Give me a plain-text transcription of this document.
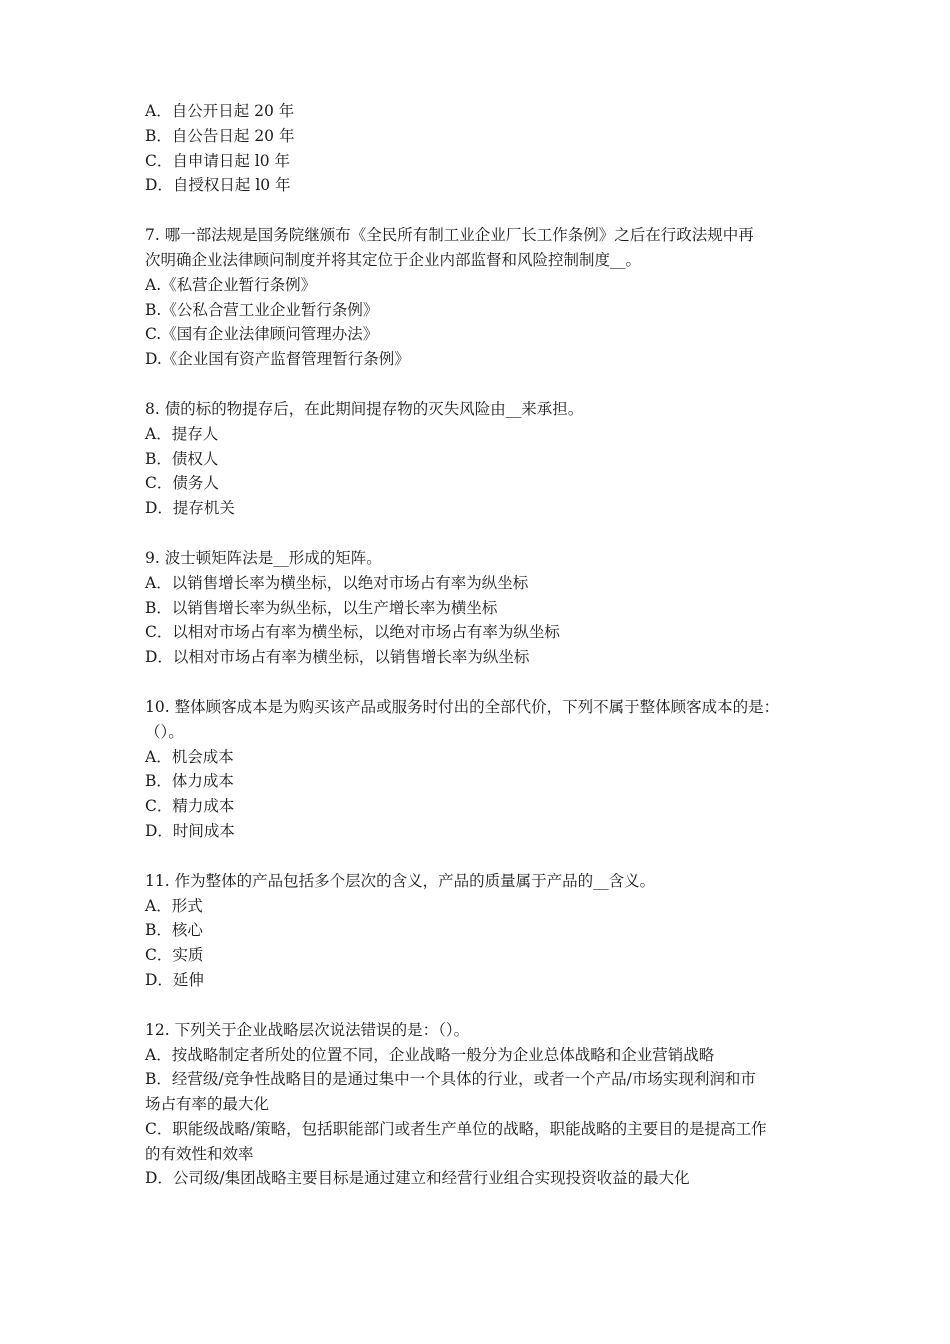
A．自公开日起 20 年

B．自公告日起 20 年

C．自申请日起 l0 年

D．自授权日起 l0 年

7. 哪一部法规是国务院继颁布《全民所有制工业企业厂长工作条例》之后在行政法规中再

次明确企业法律顾问制度并将其定位于企业内部监督和风险控制制度__。

A.《私营企业暂行条例》

B.《公私合营工业企业暂行条例》

C.《国有企业法律顾问管理办法》

D.《企业国有资产监督管理暂行条例》

8. 债的标的物提存后，在此期间提存物的灭失风险由__来承担。

A．提存人

B．债权人

C．债务人

D．提存机关

9. 波士顿矩阵法是__形成的矩阵。

A．以销售增长率为横坐标，以绝对市场占有率为纵坐标

B．以销售增长率为纵坐标，以生产增长率为横坐标

C．以相对市场占有率为横坐标，以绝对市场占有率为纵坐标

D．以相对市场占有率为横坐标，以销售增长率为纵坐标

10. 整体顾客成本是为购买该产品或服务时付出的全部代价，下列不属于整体顾客成本的是：

（）。

A．机会成本

B．体力成本

C．精力成本

D．时间成本

11. 作为整体的产品包括多个层次的含义，产品的质量属于产品的__含义。

A．形式

B．核心

C．实质

D．延伸

12. 下列关于企业战略层次说法错误的是：（）。

A．按战略制定者所处的位置不同，企业战略一般分为企业总体战略和企业营销战略

B．经营级/竞争性战略目的是通过集中一个具体的行业，或者一个产品/市场实现利润和市

场占有率的最大化

C．职能级战略/策略，包括职能部门或者生产单位的战略，职能战略的主要目的是提高工作

的有效性和效率

D．公司级/集团战略主要目标是通过建立和经营行业组合实现投资收益的最大化
